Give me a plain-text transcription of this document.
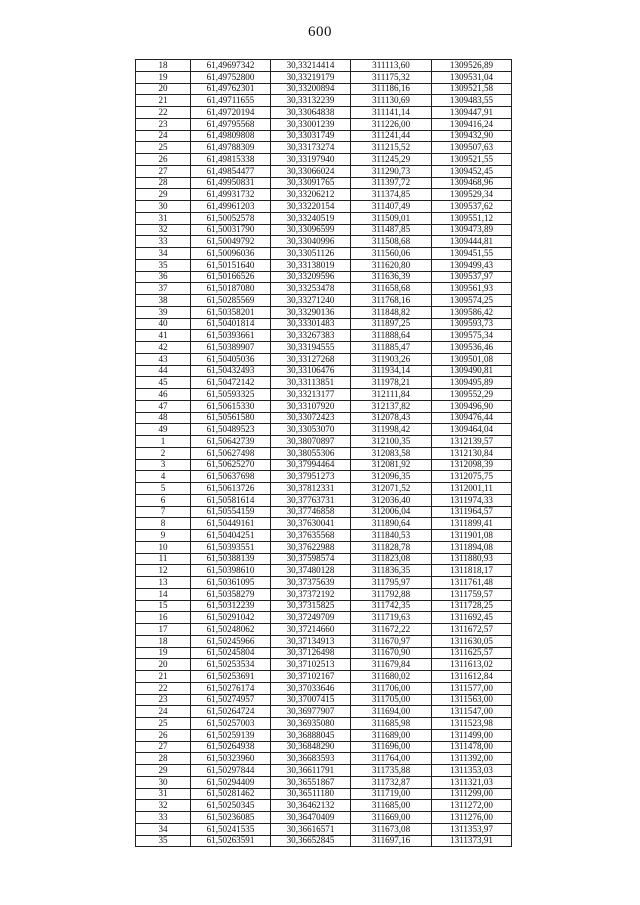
600
18	61,49697342	30,33214414	311113,60	1309526,89
19	61,49752800	30,33219179	311175,32	1309531,04
20	61,49762301	30,33200894	311186,16	1309521,58
21	61,49711655	30,33132239	311130,69	1309483,55
22	61,49720194	30,33064838	311141,14	1309447,91
23	61,49795568	30,33001239	311226,00	1309416,24
24	61,49809808	30,33031749	311241,44	1309432,90
25	61,49788309	30,33173274	311215,52	1309507,63
26	61,49815338	30,33197940	311245,29	1309521,55
27	61,49854477	30,33066024	311290,73	1309452,45
28	61,49950831	30,33091765	311397,72	1309468,96
29	61,49931732	30,33206212	311374,85	1309529,34
30	61,49961203	30,33220154	311407,49	1309537,62
31	61,50052578	30,33240519	311509,01	1309551,12
32	61,50031790	30,33096599	311487,85	1309473,89
33	61,50049792	30,33040996	311508,68	1309444,81
34	61,50096036	30,33051126	311560,06	1309451,55
35	61,50151640	30,33138019	311620,80	1309499,43
36	61,50166526	30,33209596	311636,39	1309537,97
37	61,50187080	30,33253478	311658,68	1309561,93
38	61,50285569	30,33271240	311768,16	1309574,25
39	61,50358201	30,33290136	311848,82	1309586,42
40	61,50401814	30,33301483	311897,25	1309593,73
41	61,50393661	30,33267383	311888,64	1309575,34
42	61,50389907	30,33194555	311885,47	1309536,46
43	61,50405036	30,33127268	311903,26	1309501,08
44	61,50432493	30,33106476	311934,14	1309490,81
45	61,50472142	30,33113851	311978,21	1309495,89
46	61,50593325	30,33213177	312111,84	1309552,29
47	61,50615330	30,33107920	312137,82	1309496,90
48	61,50561580	30,33072423	312078,43	1309476,44
49	61,50489523	30,33053070	311998,42	1309464,04
1	61,50642739	30,38070897	312100,35	1312139,57
2	61,50627498	30,38055306	312083,58	1312130,84
3	61,50625270	30,37994464	312081,92	1312098,39
4	61,50637698	30,37951273	312096,35	1312075,75
5	61,50613726	30,37812331	312071,52	1312001,11
6	61,50581614	30,37763731	312036,40	1311974,33
7	61,50554159	30,37746858	312006,04	1311964,57
8	61,50449161	30,37630041	311890,64	1311899,41
9	61,50404251	30,37635568	311840,53	1311901,08
10	61,50393551	30,37622988	311828,78	1311894,08
11	61,50388139	30,37598574	311823,08	1311880,93
12	61,50398610	30,37480128	311836,35	1311818,17
13	61,50361095	30,37375639	311795,97	1311761,48
14	61,50358279	30,37372192	311792,88	1311759,57
15	61,50312239	30,37315825	311742,35	1311728,25
16	61,50291042	30,37249709	311719,63	1311692,45
17	61,50248062	30,37214660	311672,22	1311672,57
18	61,50245966	30,37134913	311670,97	1311630,05
19	61,50245804	30,37126498	311670,90	1311625,57
20	61,50253534	30,37102513	311679,84	1311613,02
21	61,50253691	30,37102167	311680,02	1311612,84
22	61,50276174	30,37033646	311706,00	1311577,00
23	61,50274957	30,37007415	311705,00	1311563,00
24	61,50264724	30,36977907	311694,00	1311547,00
25	61,50257003	30,36935080	311685,98	1311523,98
26	61,50259139	30,36888045	311689,00	1311499,00
27	61,50264938	30,36848290	311696,00	1311478,00
28	61,50323960	30,36683593	311764,00	1311392,00
29	61,50297844	30,36611791	311735,88	1311353,03
30	61,50294409	30,36551867	311732,87	1311321,03
31	61,50281462	30,36511180	311719,00	1311299,00
32	61,50250345	30,36462132	311685,00	1311272,00
33	61,50236085	30,36470409	311669,00	1311276,00
34	61,50241535	30,36616571	311673,08	1311353,97
35	61,50263591	30,36652845	311697,16	1311373,91
